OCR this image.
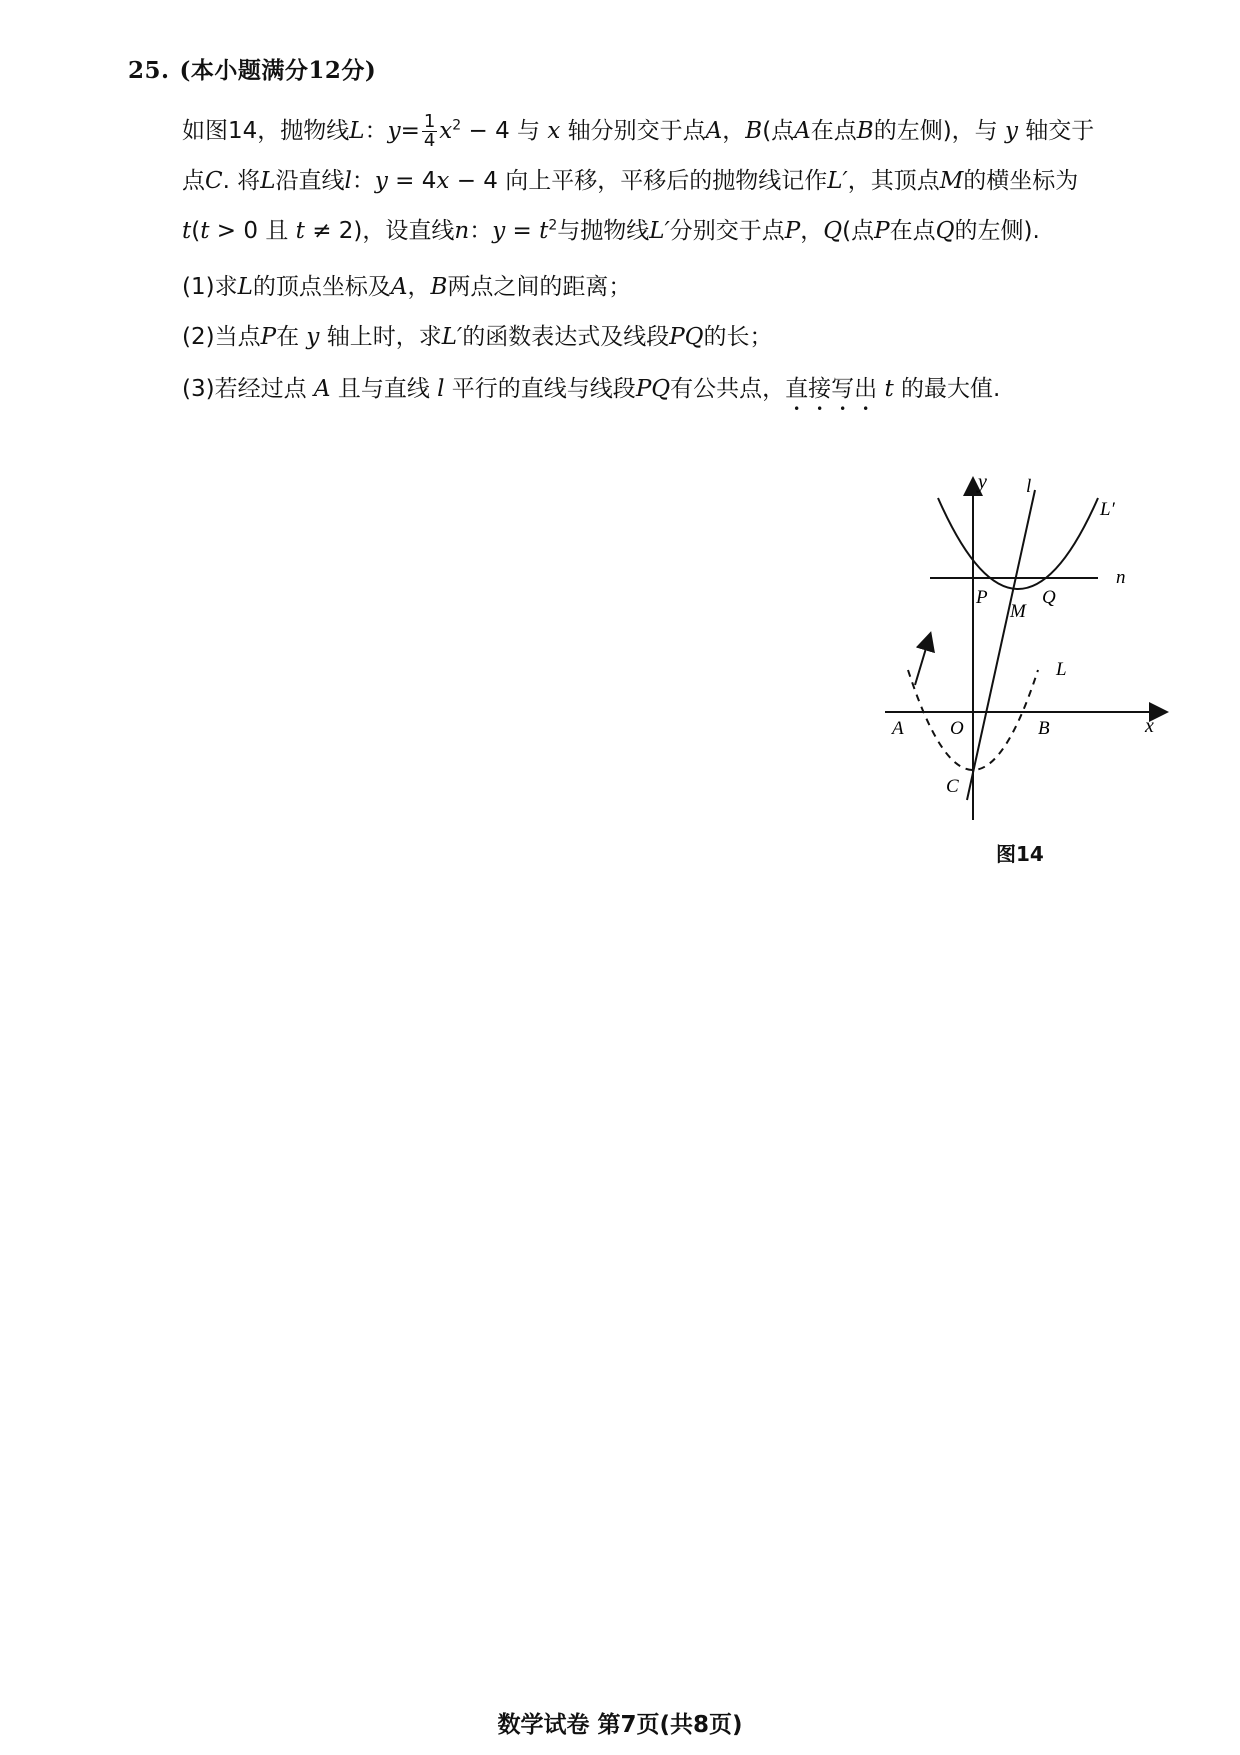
25. (本小题满分12分)
如图14，抛物线L：$y= \frac{1}{4} x^2 - 4$ 与 x 轴分别交于点A，B(点A在点B的左侧)，与 y 轴交于
点C. 将L沿直线l：y = 4x − 4 向上平移，平移后的抛物线记作L′，其顶点M的横坐标为
t(t > 0 且 t ≠ 2)，设直线n：$y = t^2$与抛物线L′分别交于点P，Q(点P在点Q的左侧).
(1)求L的顶点坐标及A，B两点之间的距离；
(2)当点P在 y 轴上时，求L′的函数表达式及线段PQ的长；
(3)若经过点 A 且与直线 l 平行的直线与线段PQ有公共点，直接写出 t 的最大值.
y
x
O
A	B
C
P	Q
M
L
L′
l
n
图14
数学试卷 第7页(共8页)
